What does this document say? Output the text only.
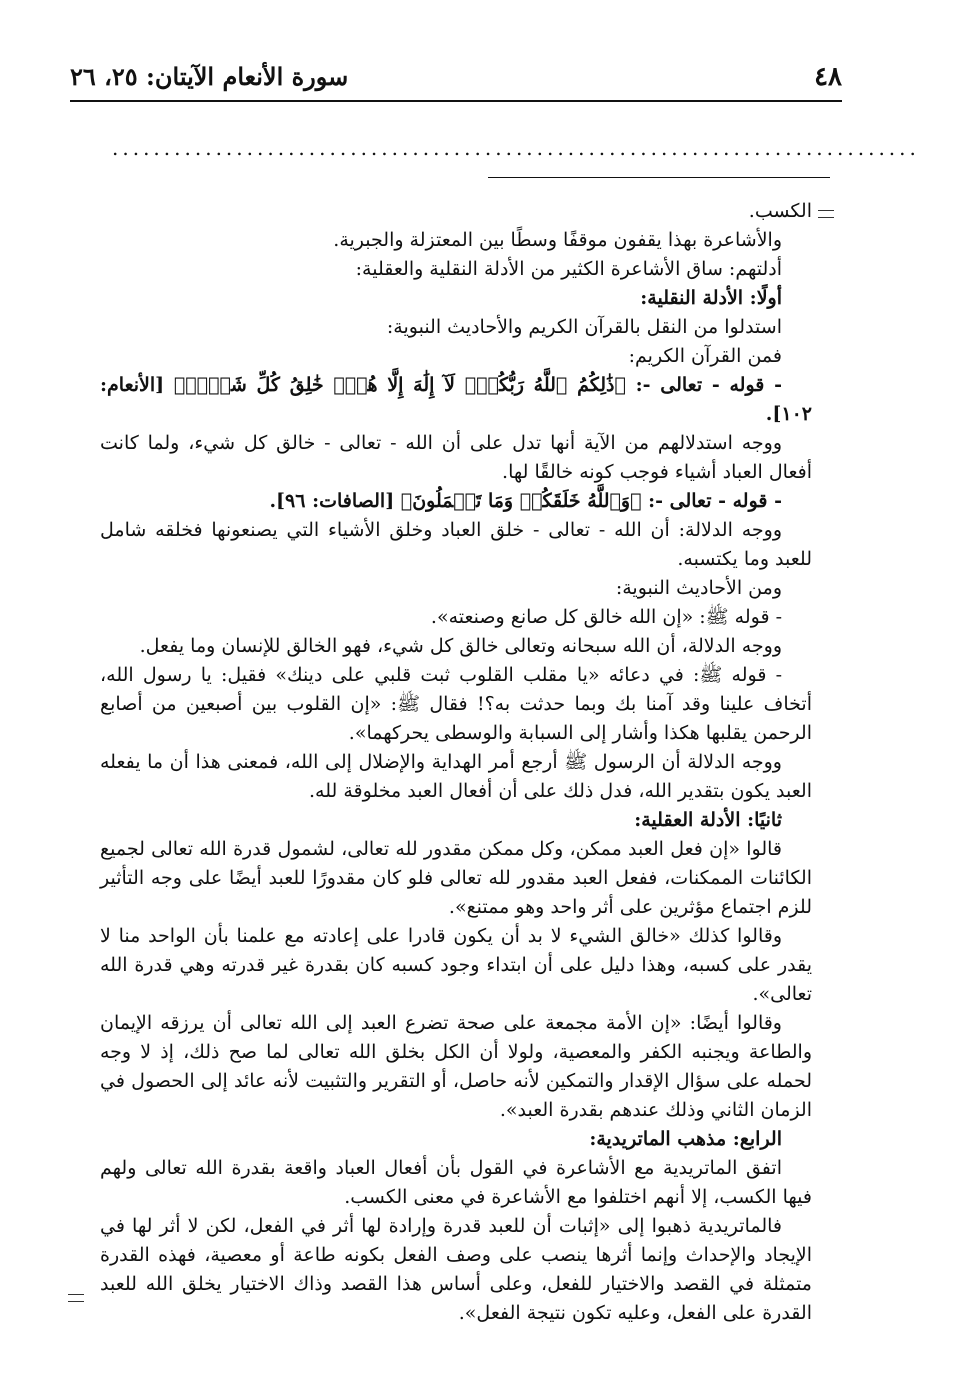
٤٨
سورة الأنعام الآيتان: ٢٥، ٢٦
..............................................................................

الكسب.

والأشاعرة بهذا يقفون موقفًا وسطًا بين المعتزلة والجبرية.

أدلتهم: ساق الأشاعرة الكثير من الأدلة النقلية والعقلية:

أولًا: الأدلة النقلية:

استدلوا من النقل بالقرآن الكريم والأحاديث النبوية:

فمن القرآن الكريم:

- قوله - تعالى -: ﴿ذَٰلِكُمُ ٱللَّهُ رَبُّكُمۡۖ لَآ إِلَٰهَ إِلَّا هُوَۖ خَٰلِقُ كُلِّ شَيۡءٖ﴾ [الأنعام: ١٠٢].

ووجه استدلالهم من الآية أنها تدل على أن الله - تعالى - خالق كل شيء، ولما كانت أفعال العباد أشياء فوجب كونه خالقًا لها.

- قوله - تعالى -: ﴿وَٱللَّهُ خَلَقَكُمۡ وَمَا تَعۡمَلُونَ﴾ [الصافات: ٩٦].

ووجه الدلالة: أن الله - تعالى - خلق العباد وخلق الأشياء التي يصنعونها فخلقه شامل للعبد وما يكتسبه.

ومن الأحاديث النبوية:

- قوله ﷺ: «إن الله خالق كل صانع وصنعته».

ووجه الدلالة، أن الله سبحانه وتعالى خالق كل شيء، فهو الخالق للإنسان وما يفعل.

- قوله ﷺ: في دعائه «يا مقلب القلوب ثبت قلبي على دينك» فقيل: يا رسول الله، أتخاف علينا وقد آمنا بك وبما حدثت به؟! فقال ﷺ: «إن القلوب بين أصبعين من أصابع الرحمن يقلبها هكذا وأشار إلى السبابة والوسطى يحركهما».

ووجه الدلالة أن الرسول ﷺ أرجع أمر الهداية والإضلال إلى الله، فمعنى هذا أن ما يفعله العبد يكون بتقدير الله، فدل ذلك على أن أفعال العبد مخلوقة لله.

ثانيًا: الأدلة العقلية:

قالوا «إن فعل العبد ممكن، وكل ممكن مقدور لله تعالى، لشمول قدرة الله تعالى لجميع الكائنات الممكنات، ففعل العبد مقدور لله تعالى فلو كان مقدورًا للعبد أيضًا على وجه التأثير للزم اجتماع مؤثرين على أثر واحد وهو ممتنع».

وقالوا كذلك «خالق الشيء لا بد أن يكون قادرا على إعادته مع علمنا بأن الواحد منا لا يقدر على كسبه، وهذا دليل على أن ابتداء وجود كسبه كان بقدرة غير قدرته وهي قدرة الله تعالى».

وقالوا أيضًا: «إن الأمة مجمعة على صحة تضرع العبد إلى الله تعالى أن يرزقه الإيمان والطاعة ويجنبه الكفر والمعصية، ولولا أن الكل بخلق الله تعالى لما صح ذلك، إذ لا وجه لحمله على سؤال الإقدار والتمكين لأنه حاصل، أو التقرير والتثبيت لأنه عائد إلى الحصول في الزمان الثاني وذلك عندهم بقدرة العبد».

الرابع: مذهب الماتريدية:

اتفق الماتريدية مع الأشاعرة في القول بأن أفعال العباد واقعة بقدرة الله تعالى ولهم فيها الكسب، إلا أنهم اختلفوا مع الأشاعرة في معنى الكسب.

فالماتريدية ذهبوا إلى «إثبات أن للعبد قدرة وإرادة لها أثر في الفعل، لكن لا أثر لها في الإيجاد والإحداث وإنما أثرها ينصب على وصف الفعل بكونه طاعة أو معصية، فهذه القدرة متمثلة في القصد والاختيار للفعل، وعلى أساس هذا القصد وذاك الاختيار يخلق الله للعبد القدرة على الفعل، وعليه تكون نتيجة الفعل».
